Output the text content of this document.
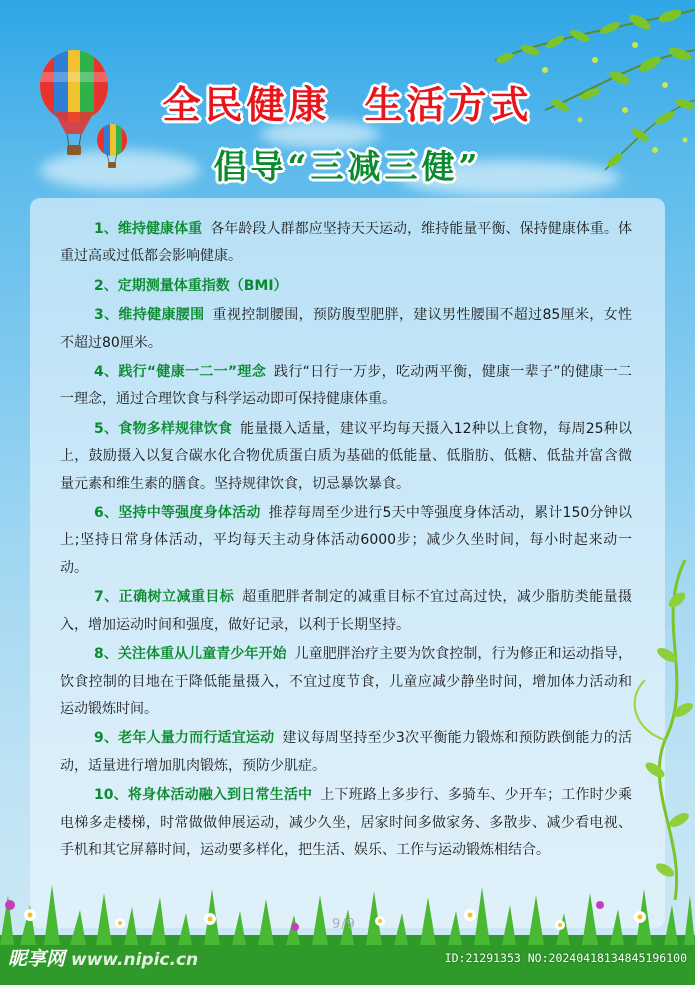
全民健康 生活方式
倡导“三减三健”

1、维持健康体重 各年龄段人群都应坚持天天运动，维持能量平衡、保持健康体重。体重过高或过低都会影响健康。

2、定期测量体重指数（BMI）

3、维持健康腰围 重视控制腰围，预防腹型肥胖，建议男性腰围不超过85厘米，女性不超过80厘米。

4、践行“健康一二一”理念 践行“日行一万步，吃动两平衡，健康一辈子”的健康一二一理念，通过合理饮食与科学运动即可保持健康体重。

5、食物多样规律饮食 能量摄入适量，建议平均每天摄入12种以上食物，每周25种以上，鼓励摄入以复合碳水化合物优质蛋白质为基础的低能量、低脂肪、低糖、低盐并富含微量元素和维生素的膳食。坚持规律饮食，切忌暴饮暴食。

6、坚持中等强度身体活动 推荐每周至少进行5天中等强度身体活动，累计150分钟以上;坚持日常身体活动，平均每天主动身体活动6000步；减少久坐时间，每小时起来动一动。

7、正确树立减重目标 超重肥胖者制定的减重目标不宜过高过快，减少脂肪类能量摄入，增加运动时间和强度，做好记录，以利于长期坚持。

8、关注体重从儿童青少年开始 儿童肥胖治疗主要为饮食控制，行为修正和运动指导，饮食控制的目地在于降低能量摄入，不宜过度节食，儿童应减少静坐时间，增加体力活动和运动锻炼时间。

9、老年人量力而行适宜运动 建议每周坚持至少3次平衡能力锻炼和预防跌倒能力的活动，适量进行增加肌肉锻炼，预防少肌症。

10、将身体活动融入到日常生活中 上下班路上多步行、多骑车、少开车；工作时少乘电梯多走楼梯，时常做做伸展运动，减少久坐，居家时间多做家务、多散步、减少看电视、手机和其它屏幕时间，运动要多样化，把生活、娱乐、工作与运动锻炼相结合。

9/9
昵享网 www.nipic.cn	ID:21291353 NO:20240418134845196100
